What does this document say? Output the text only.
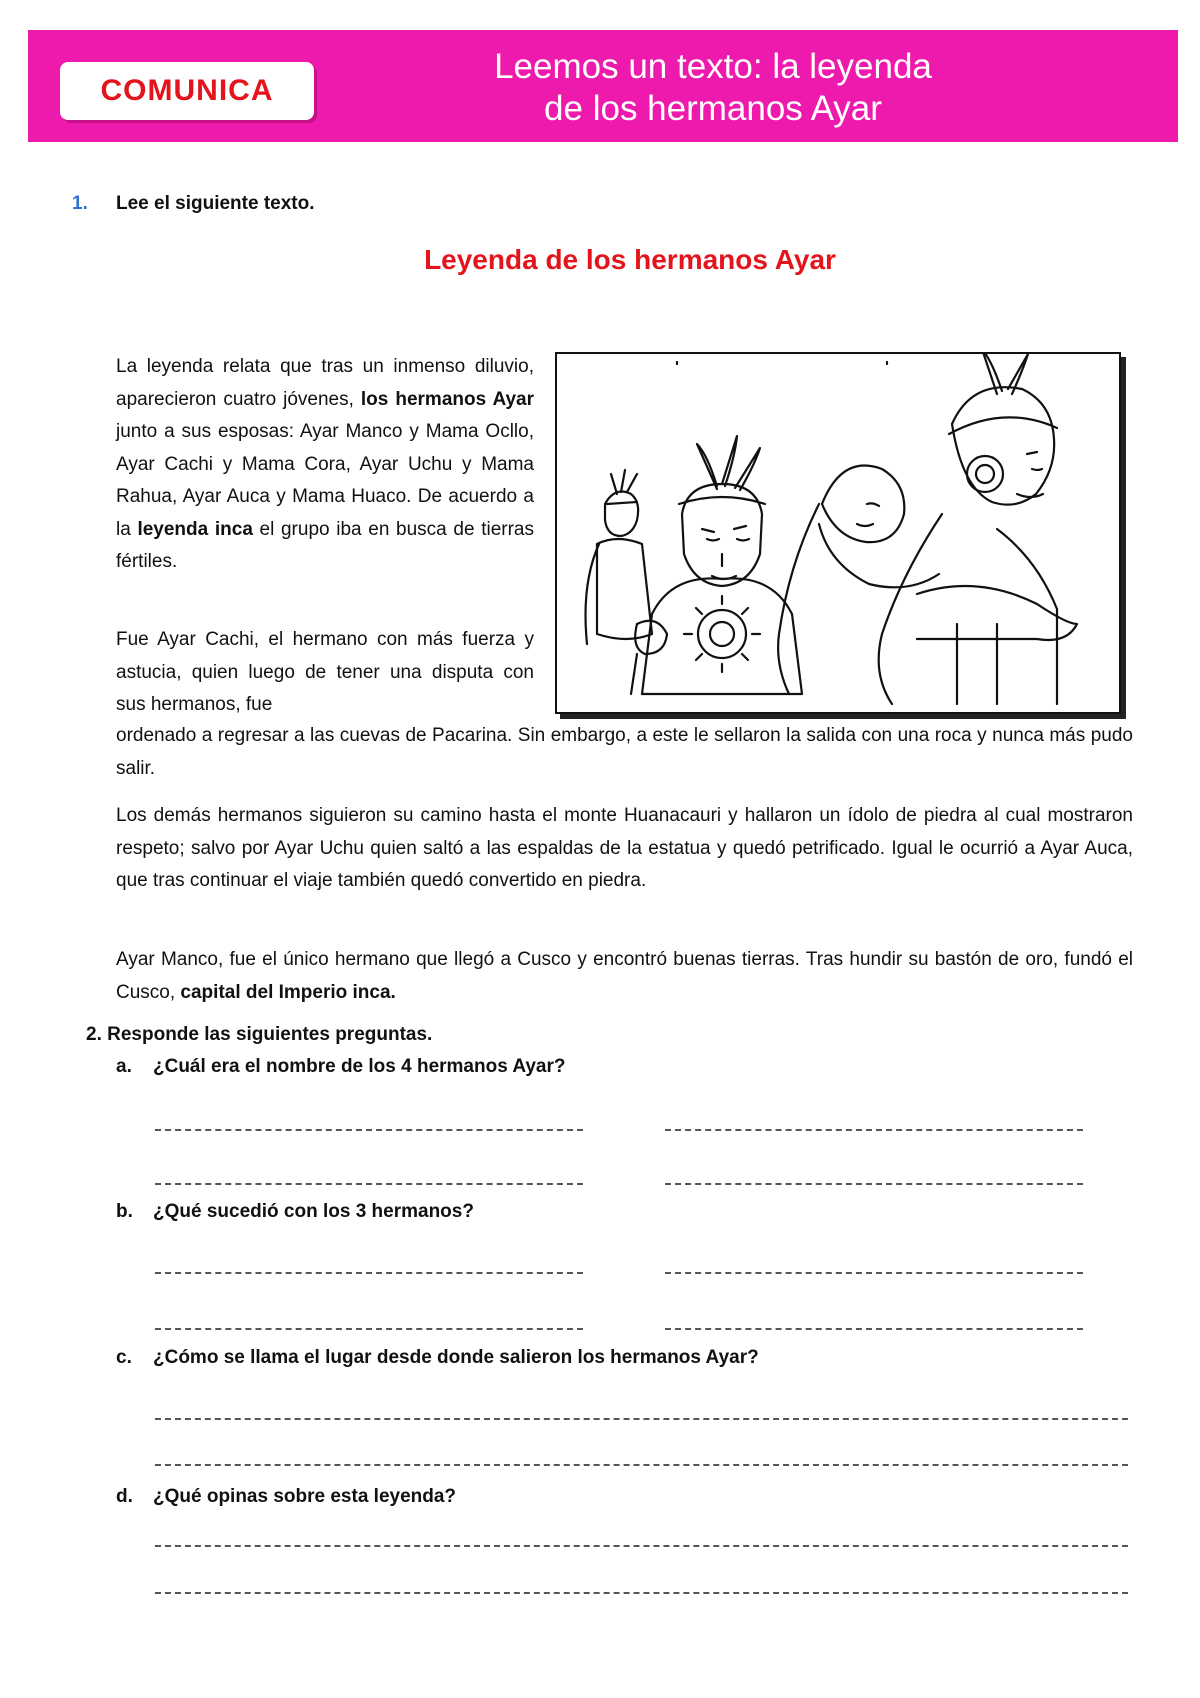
COMUNICA
Leemos un texto: la leyenda
de los hermanos Ayar
1. Lee el siguiente texto.
Leyenda de los hermanos Ayar

La leyenda relata que tras un inmenso diluvio, aparecieron cuatro jóvenes, los hermanos Ayar junto a sus esposas: Ayar Manco y Mama Ocllo, Ayar Cachi y Mama Cora, Ayar Uchu y Mama Rahua, Ayar Auca y Mama Huaco. De acuerdo a la leyenda inca el grupo iba en busca de tierras fértiles.

Fue Ayar Cachi, el hermano con más fuerza y astucia, quien luego de tener una disputa con sus hermanos, fue

ordenado a regresar a las cuevas de Pacarina. Sin embargo, a este le sellaron la salida con una roca y nunca más pudo salir.

Los demás hermanos siguieron su camino hasta el monte Huanacauri y hallaron un ídolo de piedra al cual mostraron respeto; salvo por Ayar Uchu quien saltó a las espaldas de la estatua y quedó petrificado. Igual le ocurrió a Ayar Auca, que tras continuar el viaje también quedó convertido en piedra.

Ayar Manco, fue el único hermano que llegó a Cusco y encontró buenas tierras. Tras hundir su bastón de oro, fundó el Cusco, capital del Imperio inca.

2. Responde las siguientes preguntas.
a. ¿Cuál era el nombre de los 4 hermanos Ayar?
b. ¿Qué sucedió con los 3 hermanos?
c. ¿Cómo se llama el lugar desde donde salieron los hermanos Ayar?
d. ¿Qué opinas sobre esta leyenda?
